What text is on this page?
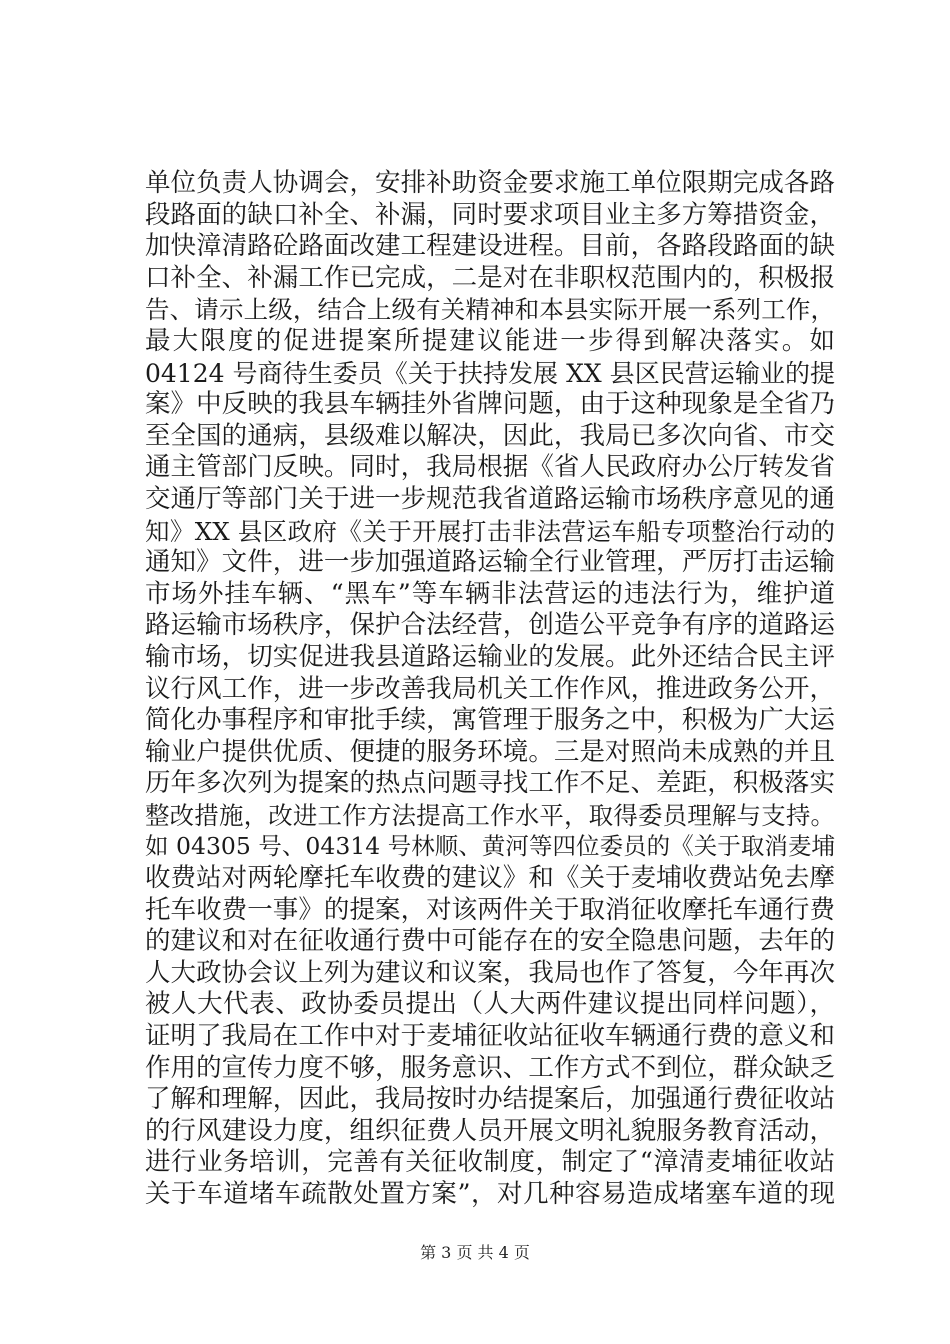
单位负责人协调会，安排补助资金要求施工单位限期完成各路
段路面的缺口补全、补漏，同时要求项目业主多方筹措资金，
加快漳清路砼路面改建工程建设进程。目前，各路段路面的缺
口补全、补漏工作已完成，二是对在非职权范围内的，积极报
告、请示上级，结合上级有关精神和本县实际开展一系列工作，
最大限度的促进提案所提建议能进一步得到解决落实。如
04124 号商待生委员《关于扶持发展 XX 县区民营运输业的提
案》中反映的我县车辆挂外省牌问题，由于这种现象是全省乃
至全国的通病，县级难以解决，因此，我局已多次向省、市交
通主管部门反映。同时，我局根据《省人民政府办公厅转发省
交通厅等部门关于进一步规范我省道路运输市场秩序意见的通
知》XX 县区政府《关于开展打击非法营运车船专项整治行动的
通知》文件，进一步加强道路运输全行业管理，严厉打击运输
市场外挂车辆、“黑车”等车辆非法营运的违法行为，维护道
路运输市场秩序，保护合法经营，创造公平竞争有序的道路运
输市场，切实促进我县道路运输业的发展。此外还结合民主评
议行风工作，进一步改善我局机关工作作风，推进政务公开，
简化办事程序和审批手续，寓管理于服务之中，积极为广大运
输业户提供优质、便捷的服务环境。三是对照尚未成熟的并且
历年多次列为提案的热点问题寻找工作不足、差距，积极落实
整改措施，改进工作方法提高工作水平，取得委员理解与支持。
如 04305 号、04314 号林顺、黄河等四位委员的《关于取消麦埔
收费站对两轮摩托车收费的建议》和《关于麦埔收费站免去摩
托车收费一事》的提案，对该两件关于取消征收摩托车通行费
的建议和对在征收通行费中可能存在的安全隐患问题，去年的
人大政协会议上列为建议和议案，我局也作了答复，今年再次
被人大代表、政协委员提出（人大两件建议提出同样问题），
证明了我局在工作中对于麦埔征收站征收车辆通行费的意义和
作用的宣传力度不够，服务意识、工作方式不到位，群众缺乏
了解和理解，因此，我局按时办结提案后，加强通行费征收站
的行风建设力度，组织征费人员开展文明礼貌服务教育活动，
进行业务培训，完善有关征收制度，制定了“漳清麦埔征收站
关于车道堵车疏散处置方案”，对几种容易造成堵塞车道的现
第 3 页 共 4 页
